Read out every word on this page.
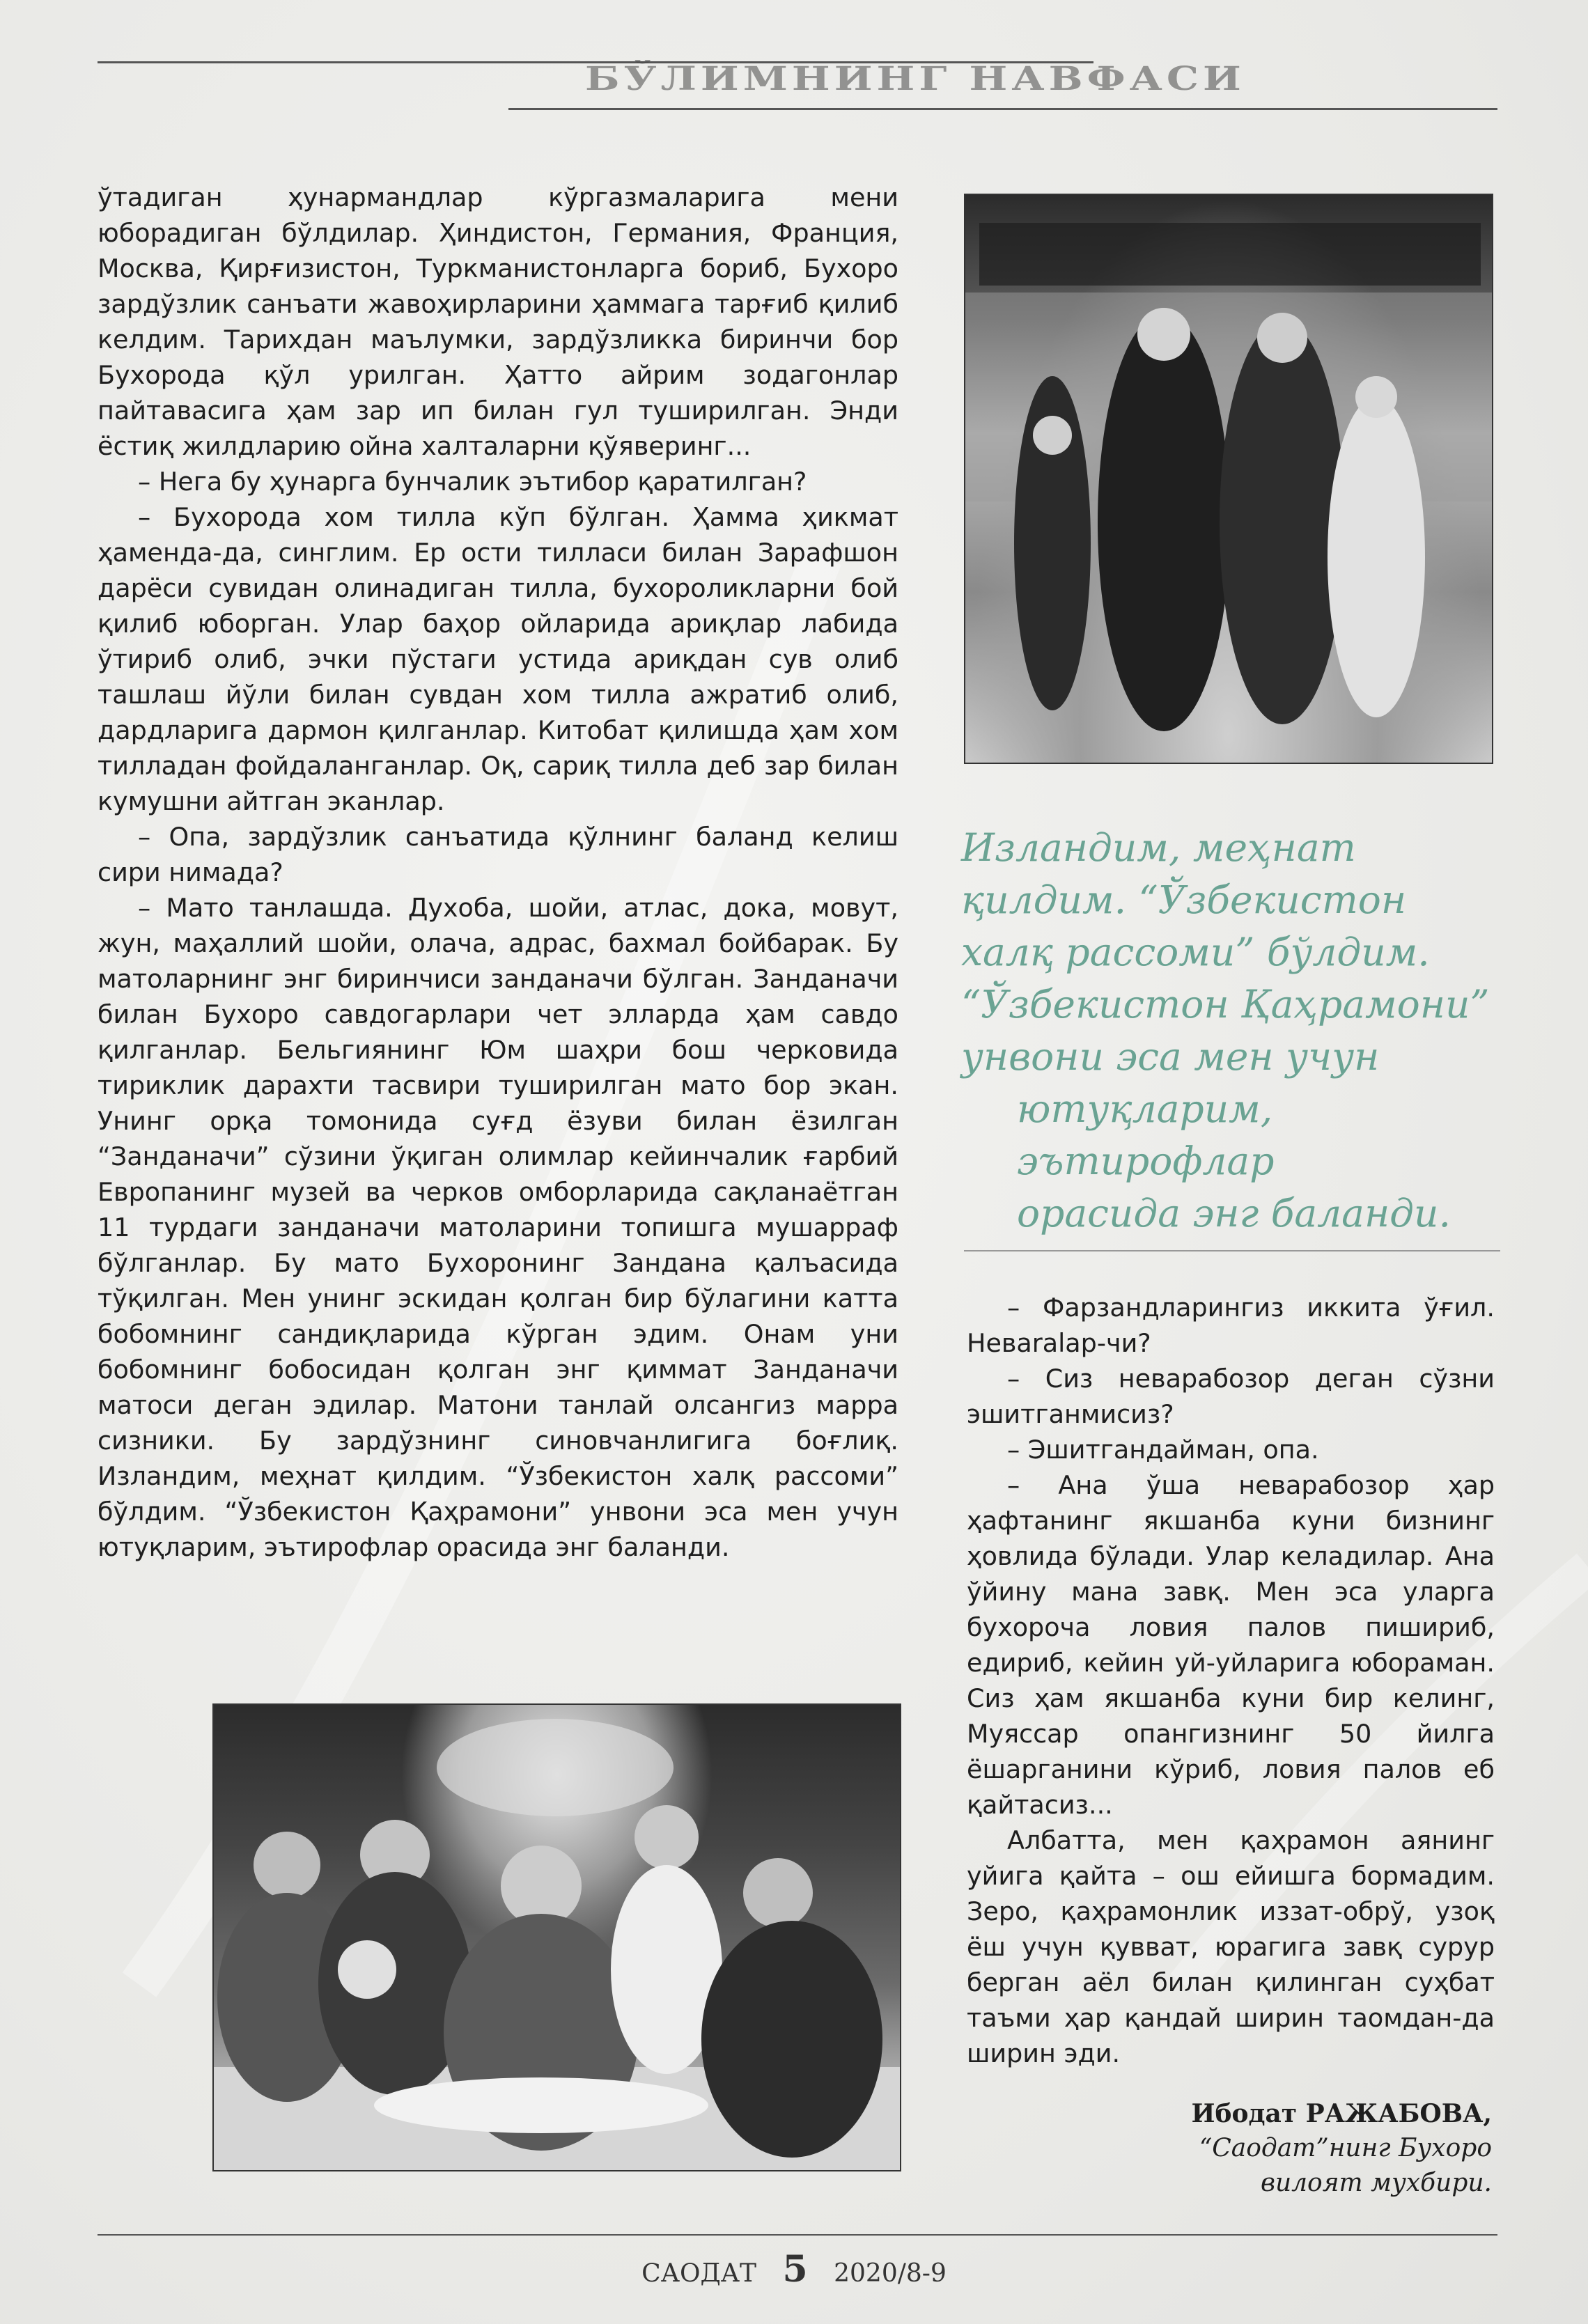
БЎЛИМНИНГ НАВФАСИ

ўтадиган ҳунармандлар кўргазмаларига мени юборадиган бўлдилар. Ҳиндистон, Германия, Франция, Москва, Қирғизистон, Туркманистонларга бориб, Бухоро зардўзлик санъати жавоҳирларини ҳаммага тарғиб қилиб келдим. Тарихдан маълумки, зардўзликка биринчи бор Бухорода қўл урилган. Ҳатто айрим зодагонлар пайтавасига ҳам зар ип билан гул туширилган. Энди ёстиқ жилдларию ойна халталарни қўяверинг...

– Нега бу ҳунарга бунчалик эътибор қаратилган?

– Бухорода хом тилла кўп бўлган. Ҳамма ҳикмат ҳаменда-да, синглим. Ер ости тилласи билан Зарафшон дарёси сувидан олинадиган тилла, бухороликларни бой қилиб юборган. Улар баҳор ойларида ариқлар лабида ўтириб олиб, эчки пўстаги устида ариқдан сув олиб ташлаш йўли билан сувдан хом тилла ажратиб олиб, дардларига дармон қилганлар. Китобат қилишда ҳам хом тилладан фойдаланганлар. Оқ, сариқ тилла деб зар билан кумушни айтган эканлар.

– Опа, зардўзлик санъатида қўлнинг баланд келиш сири нимада?

– Мато танлашда. Духоба, шойи, атлас, дока, мовут, жун, маҳаллий шойи, олача, адрас, бахмал бойбарак. Бу матоларнинг энг биринчиси занданачи бўлган. Занданачи билан Бухоро савдогарлари чет элларда ҳам савдо қилганлар. Бельгиянинг Юм шаҳри бош черковида тириклик дарахти тасвири туширилган мато бор экан. Унинг орқа томонида суғд ёзуви билан ёзилган “Занданачи” сўзини ўқиган олимлар кейинчалик ғарбий Европанинг музей ва черков омборларида сақланаётган 11 турдаги занданачи матоларини топишга мушарраф бўлганлар. Бу мато Бухоронинг Зандана қалъасида тўқилган. Мен унинг эскидан қолган бир бўлагини катта бобомнинг сандиқларида кўрган эдим. Онам уни бобомнинг бобосидан қолган энг қиммат Занданачи матоси деган эдилар. Матони танлай олсангиз марра сизники. Бу зардўзнинг синовчанлигига боғлиқ. Изландим, меҳнат қилдим. “Ўзбекистон халқ рассоми” бўлдим. “Ўзбекистон Қаҳрамони” унвони эса мен учун ютуқларим, эътирофлар орасида энг баланди.

Изландим, меҳнат
қилдим. “Ўзбекистон
халқ рассоми” бўлдим.
“Ўзбекистон Қаҳрамони”
унвони эса мен учун
ютуқларим, эътирофлар
орасида энг баланди.

– Фарзандларингиз иккита ўғил. Невaralар-чи?

– Сиз неварабозор деган сўзни эшитганмисиз?

– Эшитгандайман, опа.

– Ана ўша неварабозор ҳар ҳафтанинг якшанба куни бизнинг ҳовлида бўлади. Улар келадилар. Ана ўйину мана завқ. Мен эса уларга бухороча ловия палов пишириб, едириб, кейин уй-уйларига юбораман. Сиз ҳам якшанба куни бир келинг, Муяссар опангизнинг 50 йилга ёшарганини кўриб, ловия палов еб қайтасиз...

Албатта, мен қаҳрамон аянинг уйига қайта – ош ейишга бормадим. Зеро, қаҳрамонлик иззат-обрў, узоқ ёш учун қувват, юрагига завқ сурур берган аёл билан қилинган суҳбат таъми ҳар қандай ширин таомдан-да ширин эди.

Ибодат РАЖАБОВА,
“Саодат”нинг Бухоро
вилоят мухбири.
САОДАТ 5 2020/8-9
